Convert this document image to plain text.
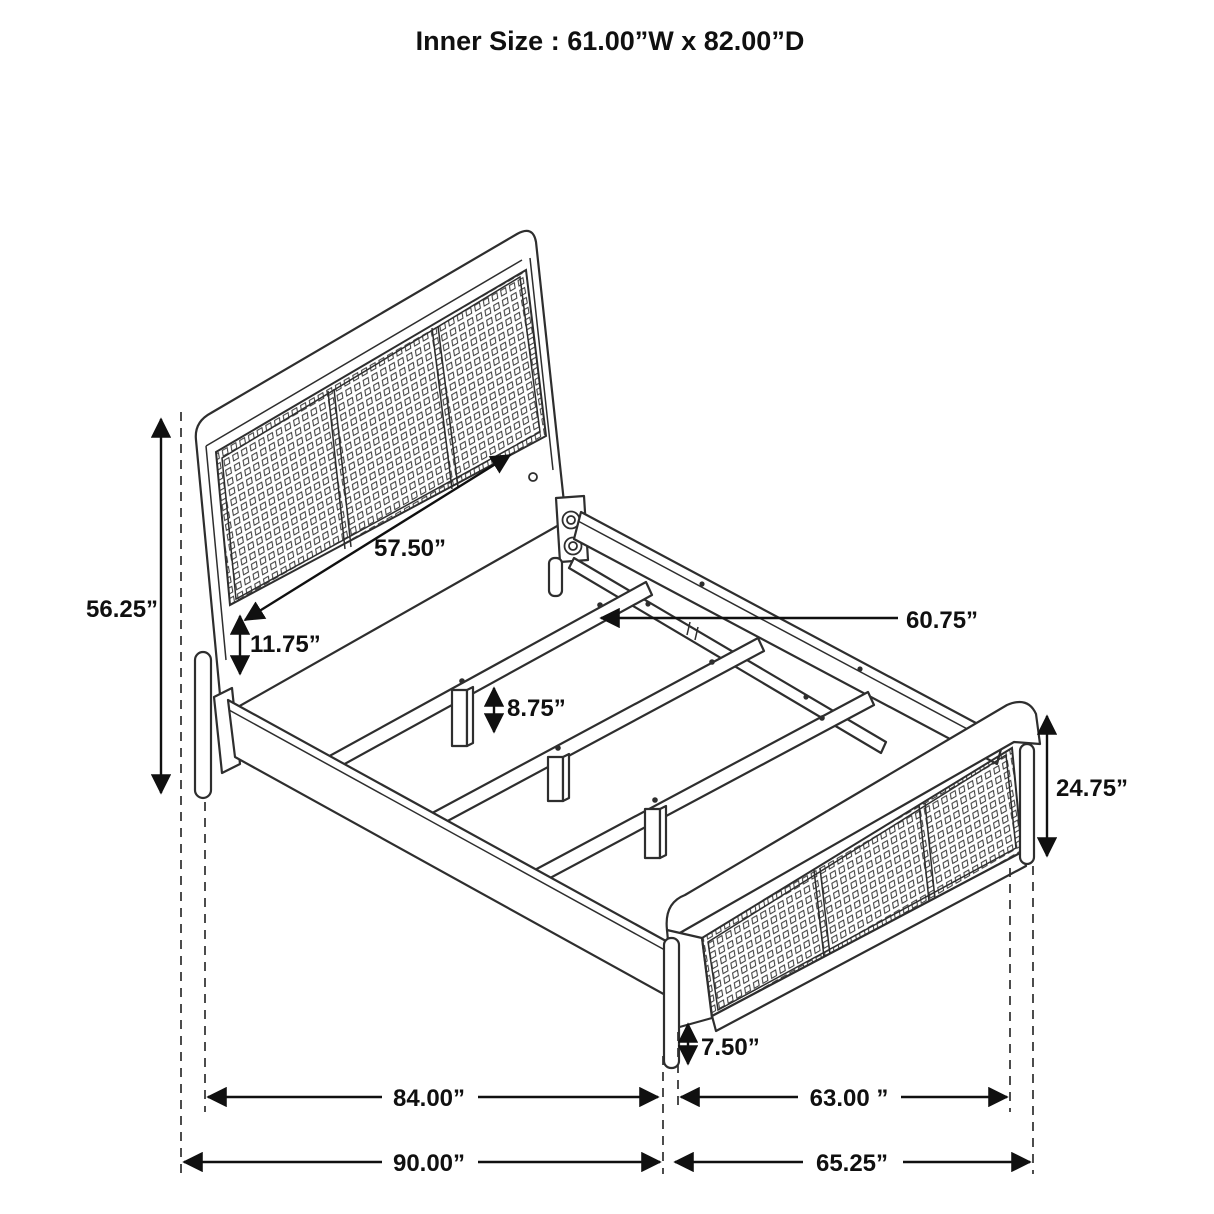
56.25”
57.50”
11.75”
8.75”
60.75”
24.75”
7.50”
84.00”	63.00 ”
90.00”	65.25”
Inner Size : 61.00”W x 82.00”D
